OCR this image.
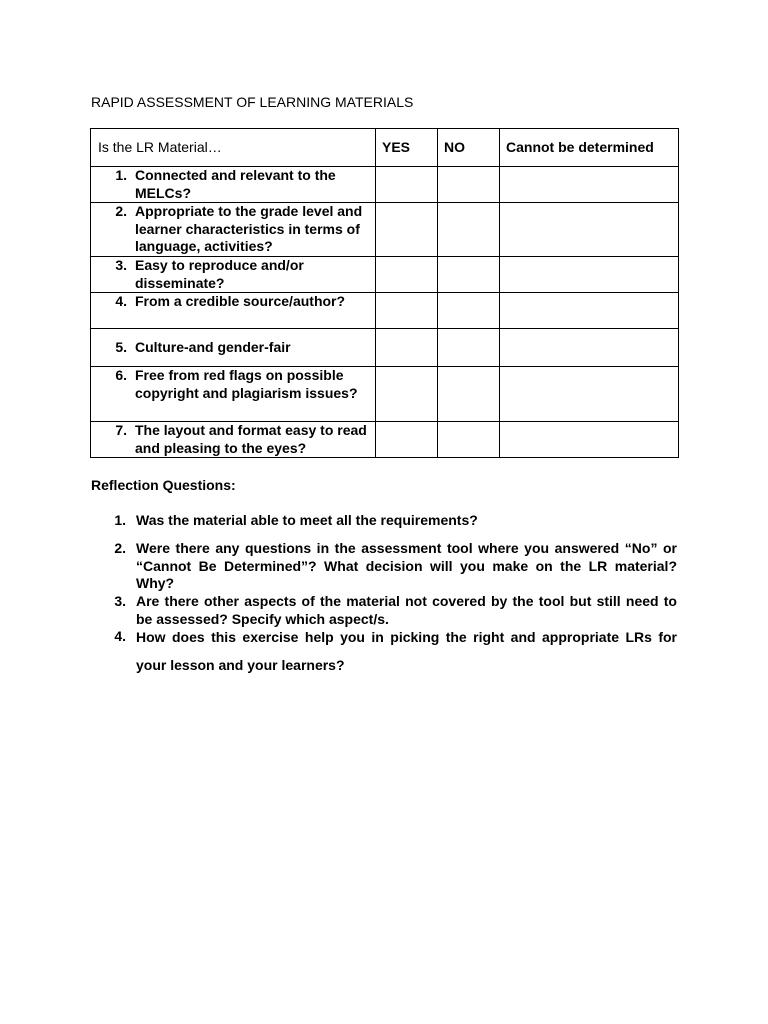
RAPID ASSESSMENT OF LEARNING MATERIALS
Is the LR Material…	YES	NO	Cannot be determined

1. Connected and relevant to the MELCs?			

2. Appropriate to the grade level and learner characteristics in terms of language, activities?			

3. Easy to reproduce and/or disseminate?			

4. From a credible source/author?			

5. Culture-and gender-fair			

6. Free from red flags on possible copyright and plagiarism issues?			

7. The layout and format easy to read and pleasing to the eyes?			

Reflection Questions:
1. Was the material able to meet all the requirements?
2. Were there any questions in the assessment tool where you answered “No” or “Cannot Be Determined”? What decision will you make on the LR material? Why?
3. Are there other aspects of the material not covered by the tool but still need to be assessed? Specify which aspect/s.
4. How does this exercise help you in picking the right and appropriate LRs for your lesson and your learners?
